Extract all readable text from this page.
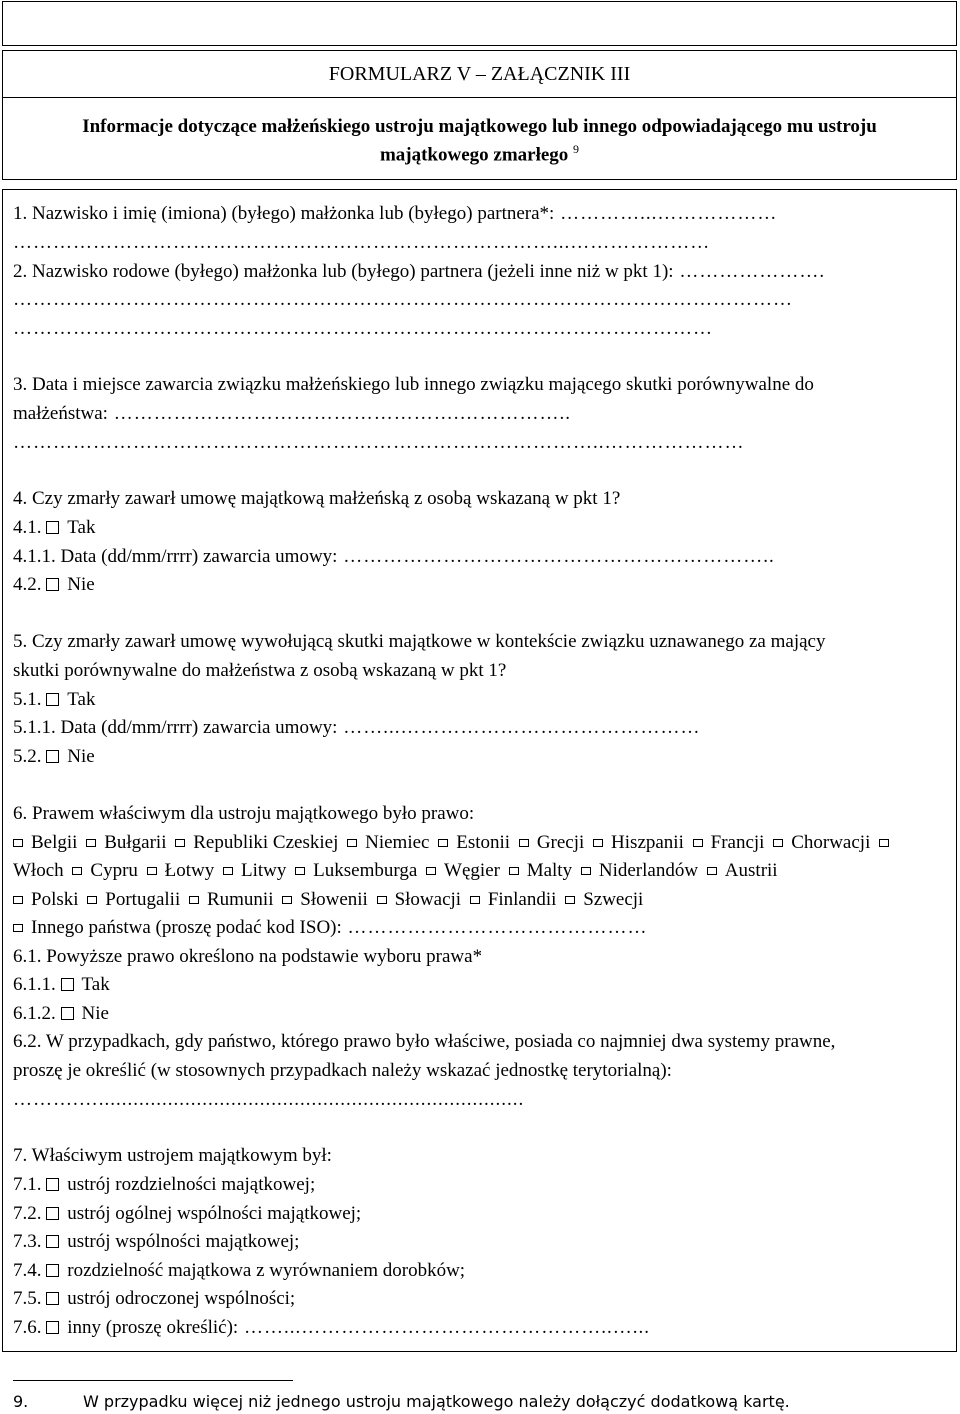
FORMULARZ V – ZAŁĄCZNIK III
Informacje dotyczące małżeńskiego ustroju majątkowego lub innego odpowiadającego mu ustroju
majątkowego zmarłego $^9$
1. Nazwisko i imię (imiona) (byłego) małżonka lub (byłego) partnera*: …………...………………
………………………………………………………………………...…………………
2. Nazwisko rodowe (byłego) małżonka lub (byłego) partnera (jeżeli inne niż w pkt 1): ………………….
………………………………………………………………………………………………………
……………………………………………………………………………………………
3. Data i miejsce zawarcia związku małżeńskiego lub innego związku mającego skutki porównywalne do
małżeństwa: …………………………………………….……………..
……………………………………………………………………………..…………………
4. Czy zmarły zawarł umowę majątkową małżeńską z osobą wskazaną w pkt 1?
4.1. Tak
4.1.1. Data (dd/mm/rrrr) zawarcia umowy: ………………………………………………………..
4.2. Nie
5. Czy zmarły zawarł umowę wywołującą skutki majątkowe w kontekście związku uznawanego za mający
skutki porównywalne do małżeństwa z osobą wskazaną w pkt 1?
5.1. Tak
5.1.1. Data (dd/mm/rrrr) zawarcia umowy: ……...………………………………………
5.2. Nie
6. Prawem właściwym dla ustroju majątkowego było prawo:
Belgii Bułgarii Republiki Czeskiej Niemiec Estonii Grecji Hiszpanii Francji Chorwacji
Włoch Cypru Łotwy Litwy Luksemburga Węgier Malty Niderlandów Austrii
Polski Portugalii Rumunii Słowenii Słowacji Finlandii Szwecji
Innego państwa (proszę podać kod ISO): ………………………………………
6.1. Powyższe prawo określono na podstawie wyboru prawa*
6.1.1. Tak
6.1.2. Nie
6.2. W przypadkach, gdy państwo, którego prawo było właściwe, posiada co najmniej dwa systemy prawne,
proszę je określić (w stosownych przypadkach należy wskazać jednostkę terytorialną):
……….…..........................................................................
7. Właściwym ustrojem majątkowym był:
7.1. ustrój rozdzielności majątkowej;
7.2. ustrój ogólnej wspólności majątkowej;
7.3. ustrój wspólności majątkowej;
7.4. rozdzielność majątkowa z wyrównaniem dorobków;
7.5. ustrój odroczonej wspólności;
7.6. inny (proszę określić): ……...………………………………………..…...
9.	W przypadku więcej niż jednego ustroju majątkowego należy dołączyć dodatkową kartę.
